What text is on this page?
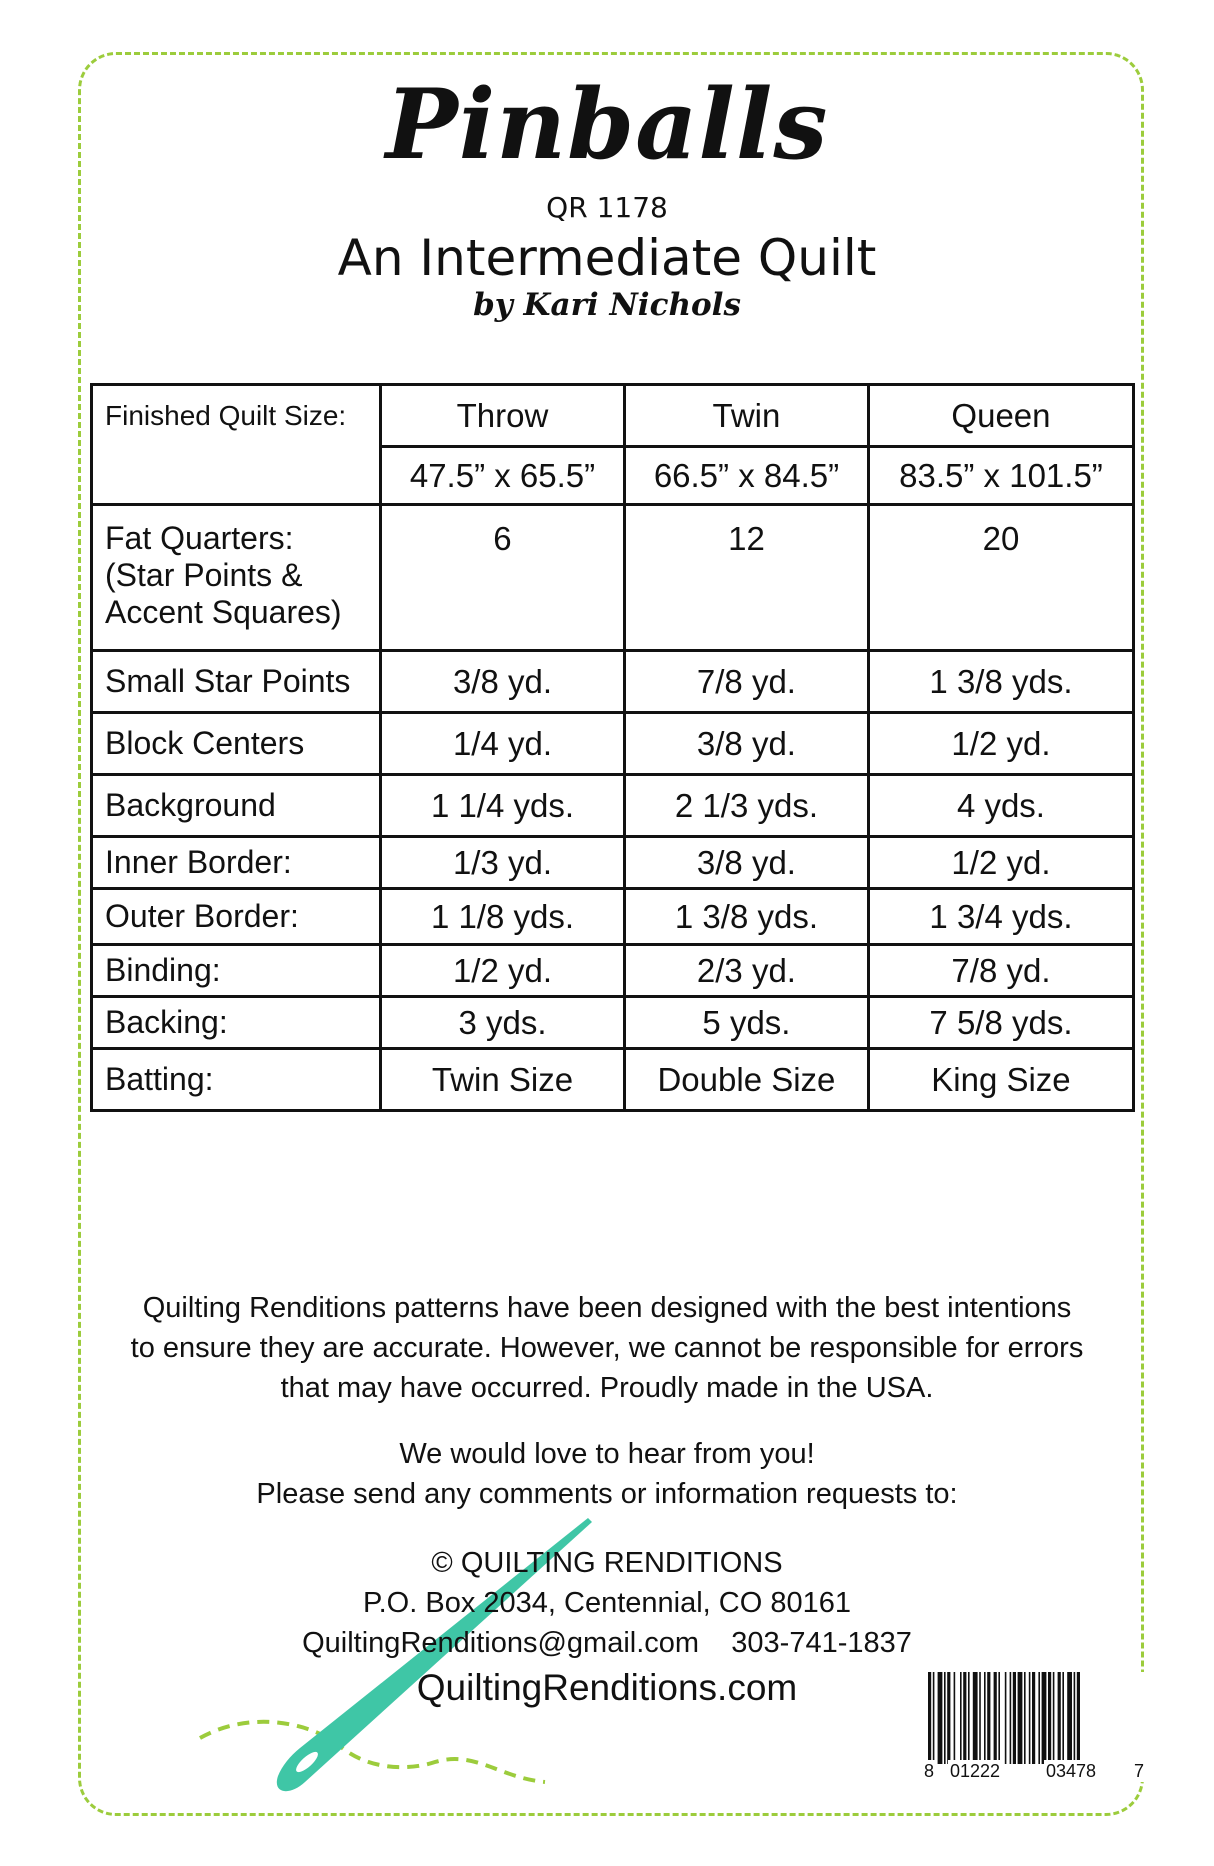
Pinballs
QR 1178
An Intermediate Quilt
by Kari Nichols
Finished Quilt Size:	Throw	Twin	Queen
	47.5” x 65.5”	66.5” x 84.5”	83.5” x 101.5”
Fat Quarters:
(Star Points &
Accent Squares)	6	12	20
Small Star Points	3/8 yd.	7/8 yd.	1 3/8 yds.
Block Centers	1/4 yd.	3/8 yd.	1/2 yd.
Background	1 1/4 yds.	2 1/3 yds.	4 yds.
Inner Border:	1/3 yd.	3/8 yd.	1/2 yd.
Outer Border:	1 1/8 yds.	1 3/8 yds.	1 3/4 yds.
Binding:	1/2 yd.	2/3 yd.	7/8 yd.
Backing:	3 yds.	5 yds.	7 5/8 yds.
Batting:	Twin Size	Double Size	King Size
Quilting Renditions patterns have been designed with the best intentions
to ensure they are accurate. However, we cannot be responsible for errors
that may have occurred. Proudly made in the USA.
We would love to hear from you!
Please send any comments or information requests to:
© QUILTING RENDITIONS
P.O. Box 2034, Centennial, CO 80161
QuiltingRenditions@gmail.com 303-741-1837
QuiltingRenditions.com
8 01222	03478 7
